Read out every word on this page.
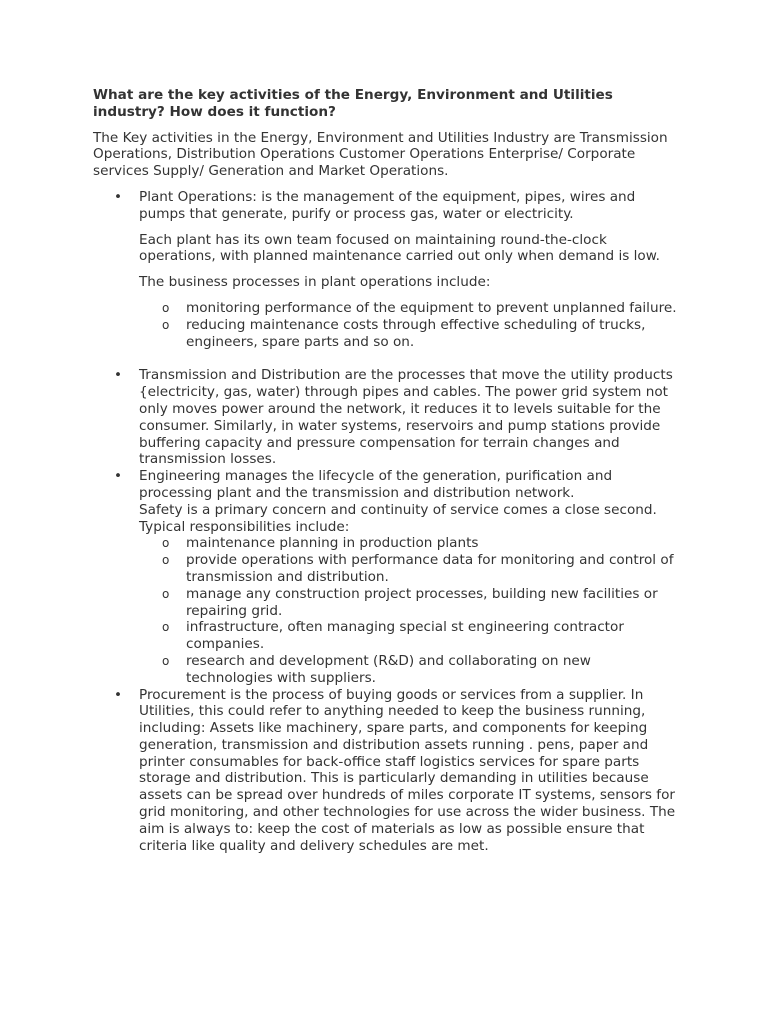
What are the key activities of the Energy, Environment and Utilities industry? How does it function?

The Key activities in the Energy, Environment and Utilities Industry are Transmission Operations, Distribution Operations Customer Operations Enterprise/ Corporate services Supply/ Generation and Market Operations.

• Plant Operations: is the management of the equipment, pipes, wires and pumps that generate, purify or process gas, water or electricity.

Each plant has its own team focused on maintaining round-the-clock operations, with planned maintenance carried out only when demand is low.

The business processes in plant operations include:

o monitoring performance of the equipment to prevent unplanned failure.
o reducing maintenance costs through effective scheduling of trucks, engineers, spare parts and so on.
• Transmission and Distribution are the processes that move the utility products {electricity, gas, water) through pipes and cables. The power grid system not only moves power around the network, it reduces it to levels suitable for the consumer. Similarly, in water systems, reservoirs and pump stations provide buffering capacity and pressure compensation for terrain changes and transmission losses.

• Engineering manages the lifecycle of the generation, purification and processing plant and the transmission and distribution network.

Safety is a primary concern and continuity of service comes a close second.

Typical responsibilities include:

o maintenance planning in production plants
o provide operations with performance data for monitoring and control of transmission and distribution.
o manage any construction project processes, building new facilities or repairing grid.
o infrastructure, often managing special st engineering contractor companies.
o research and development (R&D) and collaborating on new technologies with suppliers.
• Procurement is the process of buying goods or services from a supplier. In Utilities, this could refer to anything needed to keep the business running, including: Assets like machinery, spare parts, and components for keeping generation, transmission and distribution assets running . pens, paper and printer consumables for back-office staff logistics services for spare parts storage and distribution. This is particularly demanding in utilities because assets can be spread over hundreds of miles corporate IT systems, sensors for grid monitoring, and other technologies for use across the wider business. The aim is always to: keep the cost of materials as low as possible ensure that criteria like quality and delivery schedules are met.
